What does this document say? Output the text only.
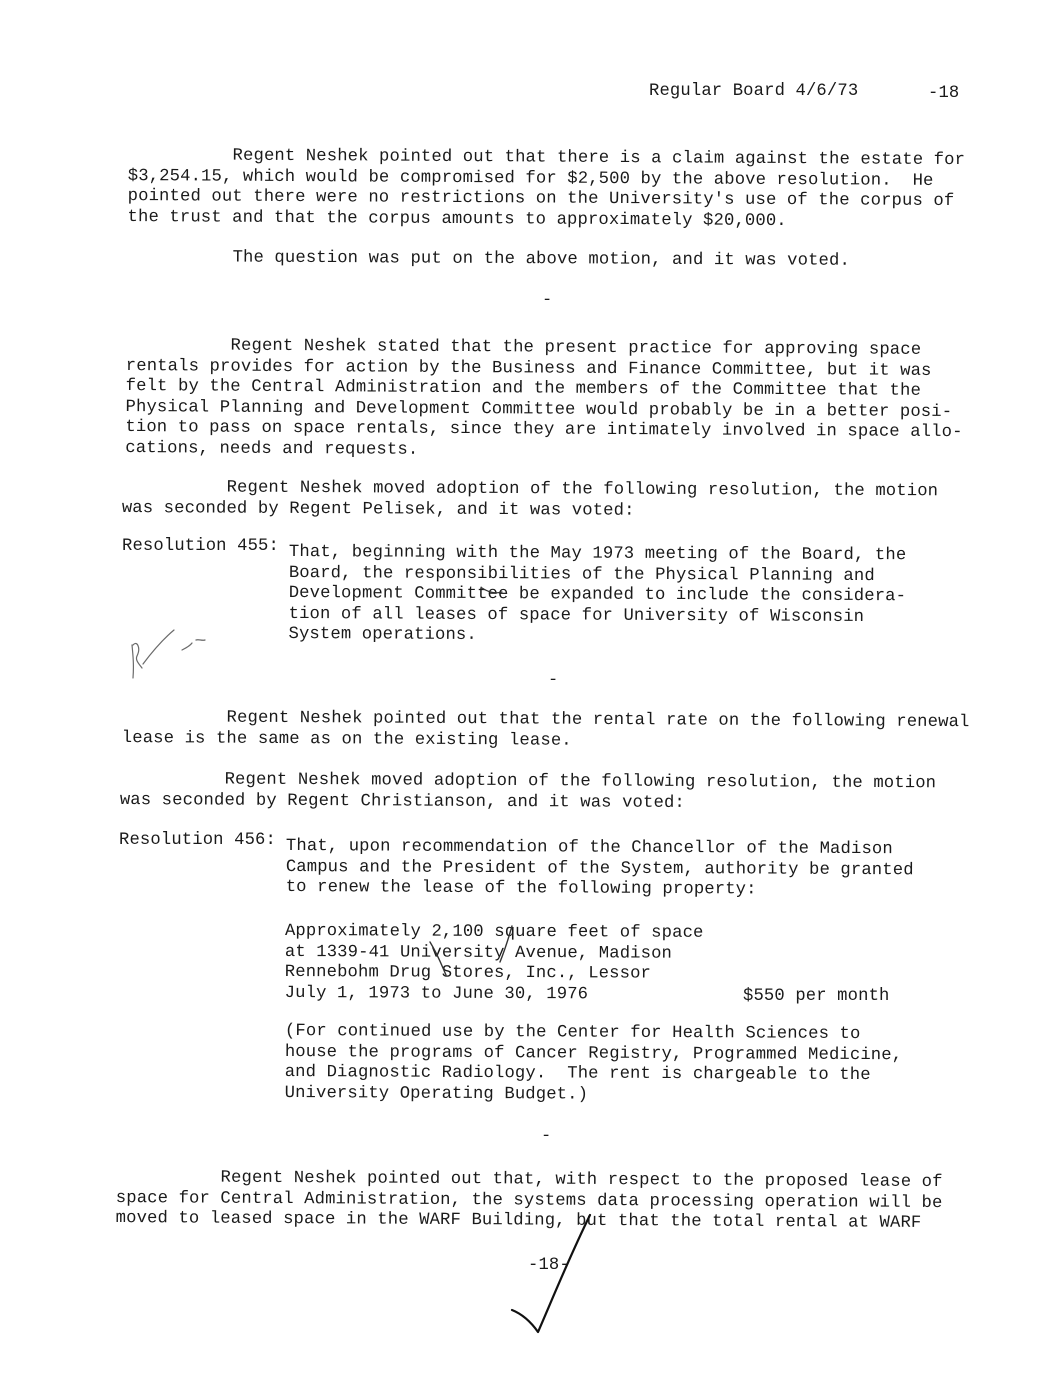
Regular Board 4/6/73	-18
Regent Neshek pointed out that there is a claim against the estate for
$3,254.15, which would be compromised for $2,500 by the above resolution.  He
pointed out there were no restrictions on the University's use of the corpus of
the trust and that the corpus amounts to approximately $20,000.
The question was put on the above motion, and it was voted.
-
Regent Neshek stated that the present practice for approving space
rentals provides for action by the Business and Finance Committee, but it was
felt by the Central Administration and the members of the Committee that the
Physical Planning and Development Committee would probably be in a better posi-
tion to pass on space rentals, since they are intimately involved in space allo-
cations, needs and requests.
Regent Neshek moved adoption of the following resolution, the motion
was seconded by Regent Pelisek, and it was voted:
Resolution 455: That, beginning with the May 1973 meeting of the Board, the
Board, the responsibilities of the Physical Planning and
Development Committee be expanded to include the considera-
tion of all leases of space for University of Wisconsin
System operations.
-
Regent Neshek pointed out that the rental rate on the following renewal
lease is the same as on the existing lease.
Regent Neshek moved adoption of the following resolution, the motion
was seconded by Regent Christianson, and it was voted:
Resolution 456: That, upon recommendation of the Chancellor of the Madison
Campus and the President of the System, authority be granted
to renew the lease of the following property:
Approximately 2,100 square feet of space
at 1339-41 University Avenue, Madison
Rennebohm Drug Stores, Inc., Lessor
July 1, 1973 to June 30, 1976	$550 per month
(For continued use by the Center for Health Sciences to
house the programs of Cancer Registry, Programmed Medicine,
and Diagnostic Radiology.  The rent is chargeable to the
University Operating Budget.)
-
Regent Neshek pointed out that, with respect to the proposed lease of
space for Central Administration, the systems data processing operation will be
moved to leased space in the WARF Building, but that the total rental at WARF
-18-
